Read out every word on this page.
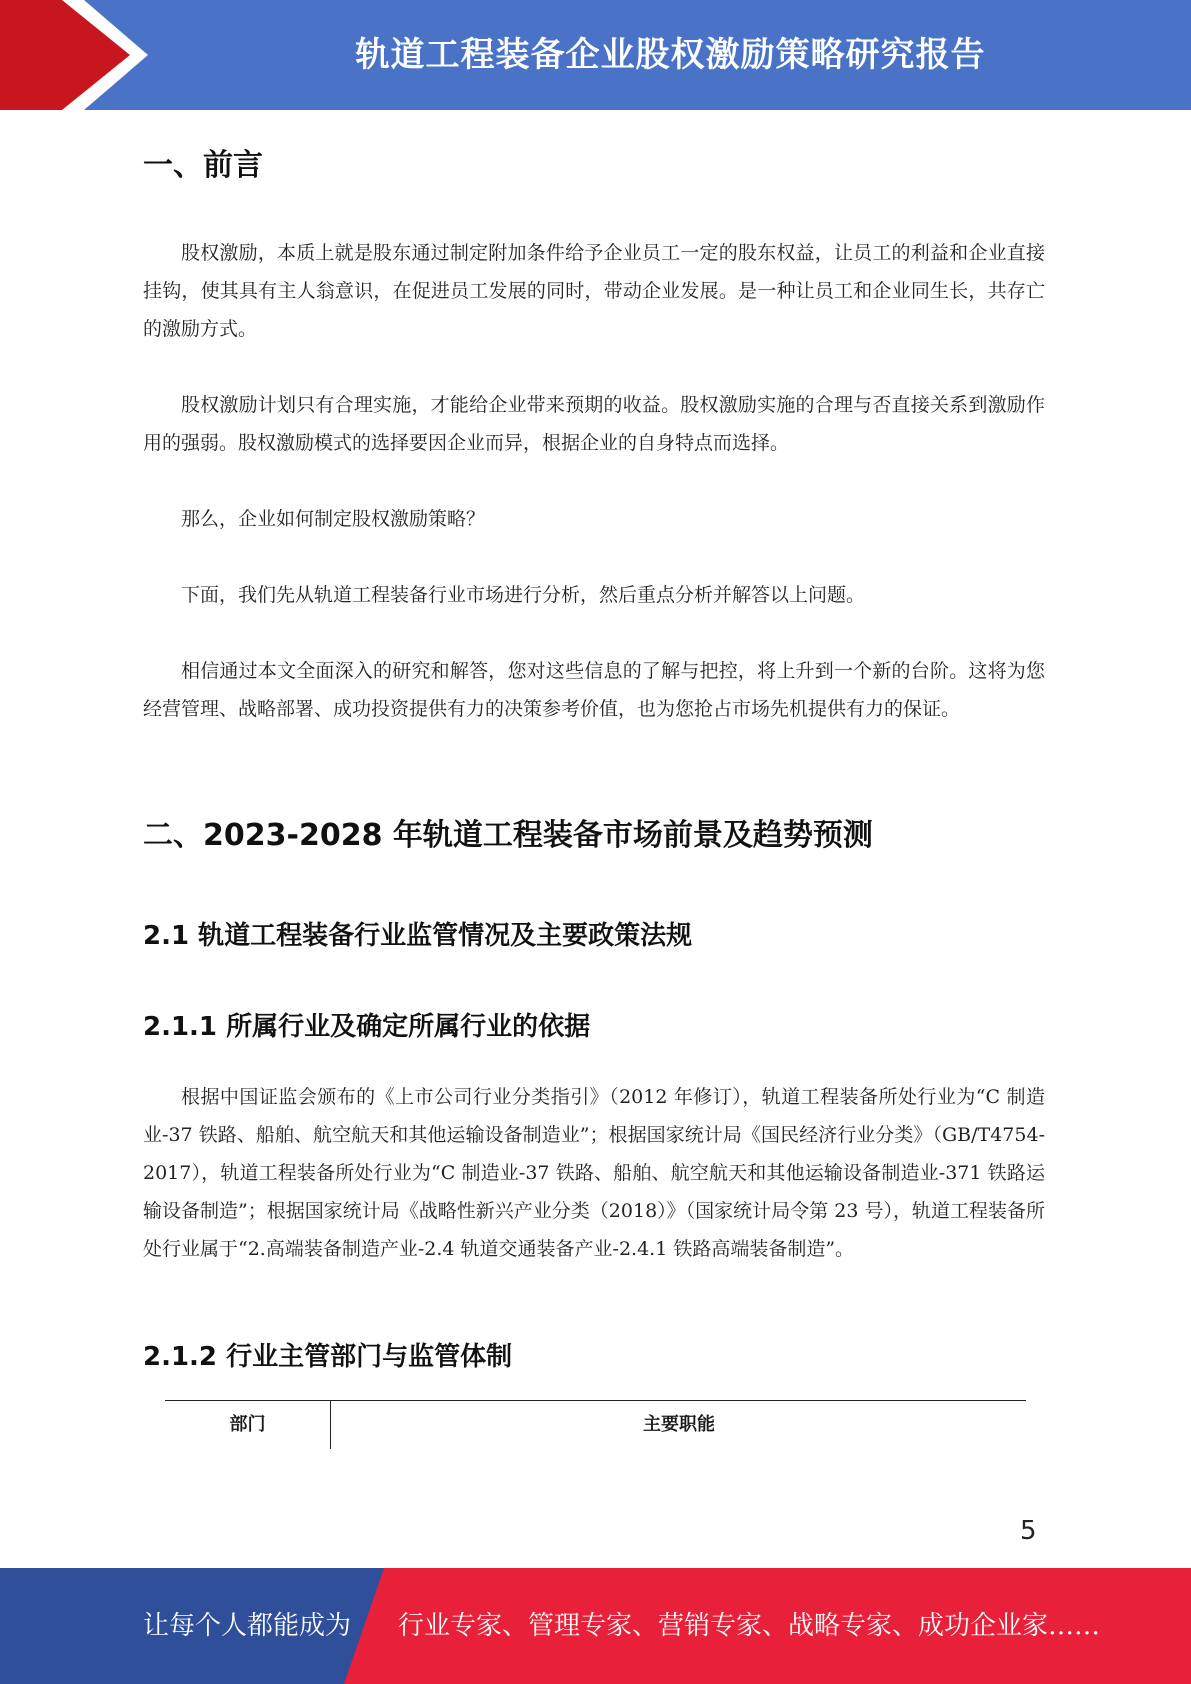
轨道工程装备企业股权激励策略研究报告
一、前言

股权激励，本质上就是股东通过制定附加条件给予企业员工一定的股东权益，让员工的利益和企业直接挂钩，使其具有主人翁意识，在促进员工发展的同时，带动企业发展。是一种让员工和企业同生长，共存亡的激励方式。

股权激励计划只有合理实施，才能给企业带来预期的收益。股权激励实施的合理与否直接关系到激励作用的强弱。股权激励模式的选择要因企业而异，根据企业的自身特点而选择。

那么，企业如何制定股权激励策略？

下面，我们先从轨道工程装备行业市场进行分析，然后重点分析并解答以上问题。

相信通过本文全面深入的研究和解答，您对这些信息的了解与把控，将上升到一个新的台阶。这将为您经营管理、战略部署、成功投资提供有力的决策参考价值，也为您抢占市场先机提供有力的保证。

二、2023-2028 年轨道工程装备市场前景及趋势预测
2.1 轨道工程装备行业监管情况及主要政策法规
2.1.1 所属行业及确定所属行业的依据

根据中国证监会颁布的《上市公司行业分类指引》（2012 年修订），轨道工程装备所处行业为“C 制造业-37 铁路、船舶、航空航天和其他运输设备制造业”；根据国家统计局《国民经济行业分类》（GB/T4754-2017），轨道工程装备所处行业为“C 制造业-37 铁路、船舶、航空航天和其他运输设备制造业-371 铁路运输设备制造”；根据国家统计局《战略性新兴产业分类（2018）》（国家统计局令第 23 号），轨道工程装备所处行业属于“2.高端装备制造产业-2.4 轨道交通装备产业-2.4.1 铁路高端装备制造”。

2.1.2 行业主管部门与监管体制
部门	主要职能
5
让每个人都能成为 行业专家、管理专家、营销专家、战略专家、成功企业家……
